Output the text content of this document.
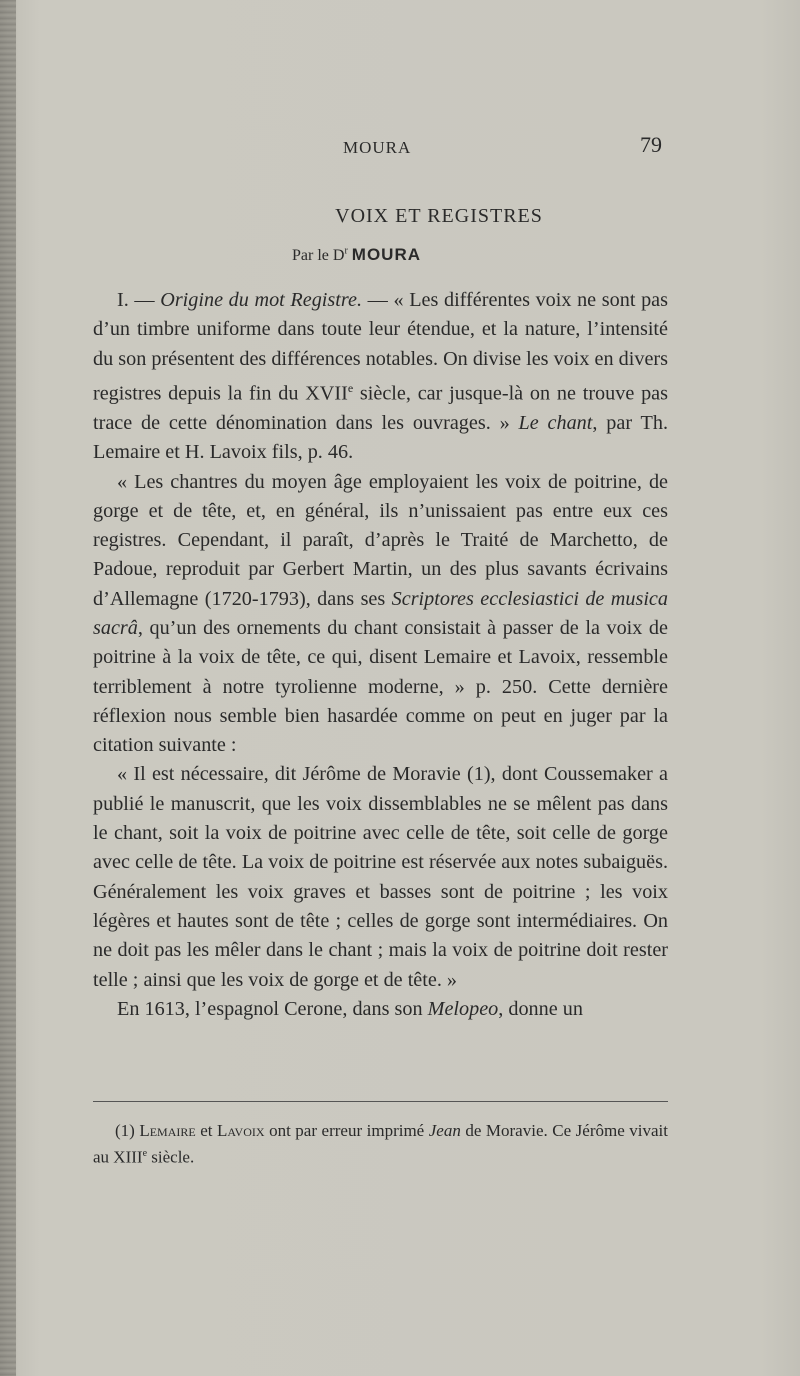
MOURA	79
VOIX ET REGISTRES
Par le $D^r$ MOURA

I. — Origine du mot Registre. — « Les différentes voix ne sont pas d’un timbre uniforme dans toute leur étendue, et la nature, l’intensité du son présentent des différences notables. On divise les voix en divers registres depuis la fin du XVIIe siècle, car jusque-là on ne trouve pas trace de cette dénomination dans les ouvrages. » Le chant, par Th. Lemaire et H. Lavoix fils, p. 46.

« Les chantres du moyen âge employaient les voix de poitrine, de gorge et de tête, et, en général, ils n’unissaient pas entre eux ces registres. Cependant, il paraît, d’après le Traité de Marchetto, de Padoue, reproduit par Gerbert Martin, un des plus savants écrivains d’Allemagne (1720-1793), dans ses Scriptores ecclesiastici de musica sacrâ, qu’un des ornements du chant consistait à passer de la voix de poitrine à la voix de tête, ce qui, disent Lemaire et Lavoix, ressemble terriblement à notre tyrolienne moderne, » p. 250. Cette dernière réflexion nous semble bien hasardée comme on peut en juger par la citation suivante :

« Il est nécessaire, dit Jérôme de Moravie (1), dont Coussemaker a publié le manuscrit, que les voix dissemblables ne se mêlent pas dans le chant, soit la voix de poitrine avec celle de tête, soit celle de gorge avec celle de tête. La voix de poitrine est réservée aux notes subaiguës. Généralement les voix graves et basses sont de poitrine ; les voix légères et hautes sont de tête ; celles de gorge sont intermédiaires. On ne doit pas les mêler dans le chant ; mais la voix de poitrine doit rester telle ; ainsi que les voix de gorge et de tête. »

En 1613, l’espagnol Cerone, dans son Melopeo, donne un

(1) Lemaire et Lavoix ont par erreur imprimé Jean de Moravie. Ce Jérôme vivait au XIIIe siècle.
